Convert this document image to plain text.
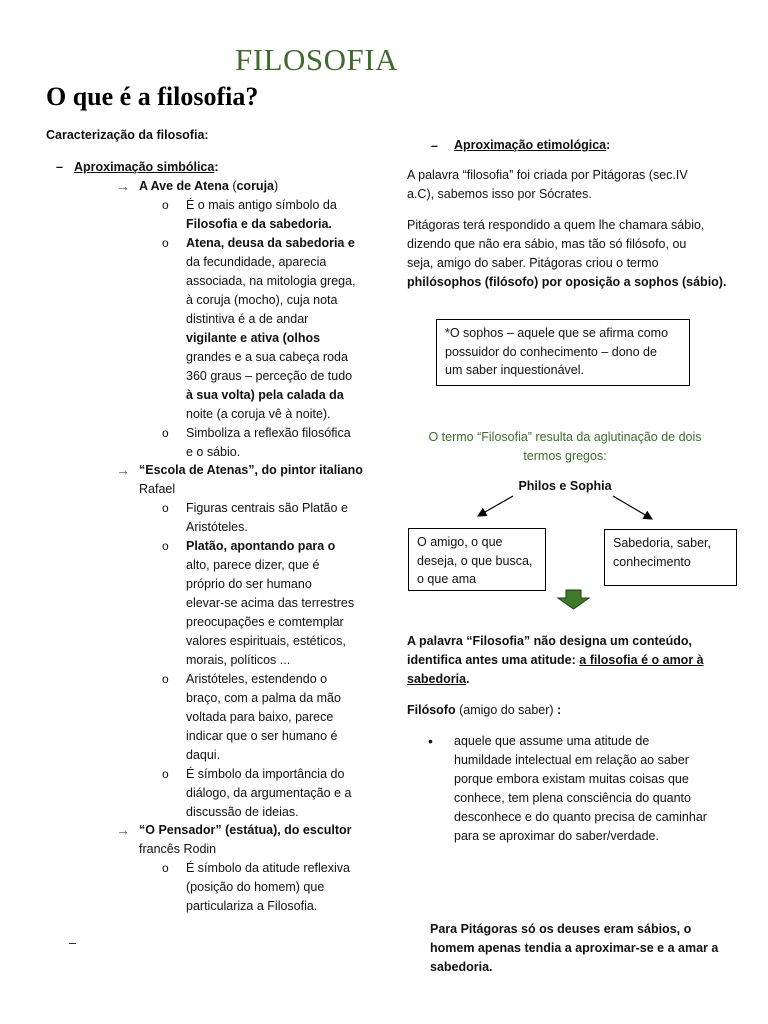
FILOSOFIA
O que é a filosofia?
Caracterização da filosofia:
– Aproximação simbólica:
→ A Ave de Atena (coruja)
o É o mais antigo símbolo da
Filosofia e da sabedoria.
o Atena, deusa da sabedoria e
da fecundidade, aparecia
associada, na mitologia grega,
à coruja (mocho), cuja nota
distintiva é a de andar
vigilante e ativa (olhos
grandes e a sua cabeça roda
360 graus – perceção de tudo
à sua volta) pela calada da
noite (a coruja vê à noite).
o Simboliza a reflexão filosófica
e o sábio.
→ “Escola de Atenas”, do pintor italiano
Rafael
o Figuras centrais são Platão e
Aristóteles.
o Platão, apontando para o
alto, parece dizer, que é
próprio do ser humano
elevar-se acima das terrestres
preocupações e comtemplar
valores espirituais, estéticos,
morais, políticos ...
o Aristóteles, estendendo o
braço, com a palma da mão
voltada para baixo, parece
indicar que o ser humano é
daqui.
o É símbolo da importância do
diálogo, da argumentação e a
discussão de ideias.
→ “O Pensador” (estátua), do escultor
francês Rodin
o É símbolo da atitude reflexiva
(posição do homem) que
particulariza a Filosofia.
–
– Aproximação etimológica:
A palavra “filosofia” foi criada por Pitágoras (sec.IV
a.C), sabemos isso por Sócrates.
Pitágoras terá respondido a quem lhe chamara sábio,
dizendo que não era sábio, mas tão só filósofo, ou
seja, amigo do saber. Pitágoras criou o termo
philósophos (filósofo) por oposição a sophos (sábio).
*O sophos – aquele que se afirma como
possuidor do conhecimento – dono de
um saber inquestionável.
O termo “Filosofia” resulta da aglutinação de dois
termos gregos:
Philos e Sophia
O amigo, o que
deseja, o que busca,
o que ama
Sabedoria, saber,
conhecimento
A palavra “Filosofia” não designa um conteúdo,
identifica antes uma atitude: a filosofia é o amor à
sabedoria.
Filósofo (amigo do saber) :
• aquele que assume uma atitude de
humildade intelectual em relação ao saber
porque embora existam muitas coisas que
conhece, tem plena consciência do quanto
desconhece e do quanto precisa de caminhar
para se aproximar do saber/verdade.
Para Pitágoras só os deuses eram sábios, o
homem apenas tendia a aproximar-se e a amar a
sabedoria.
